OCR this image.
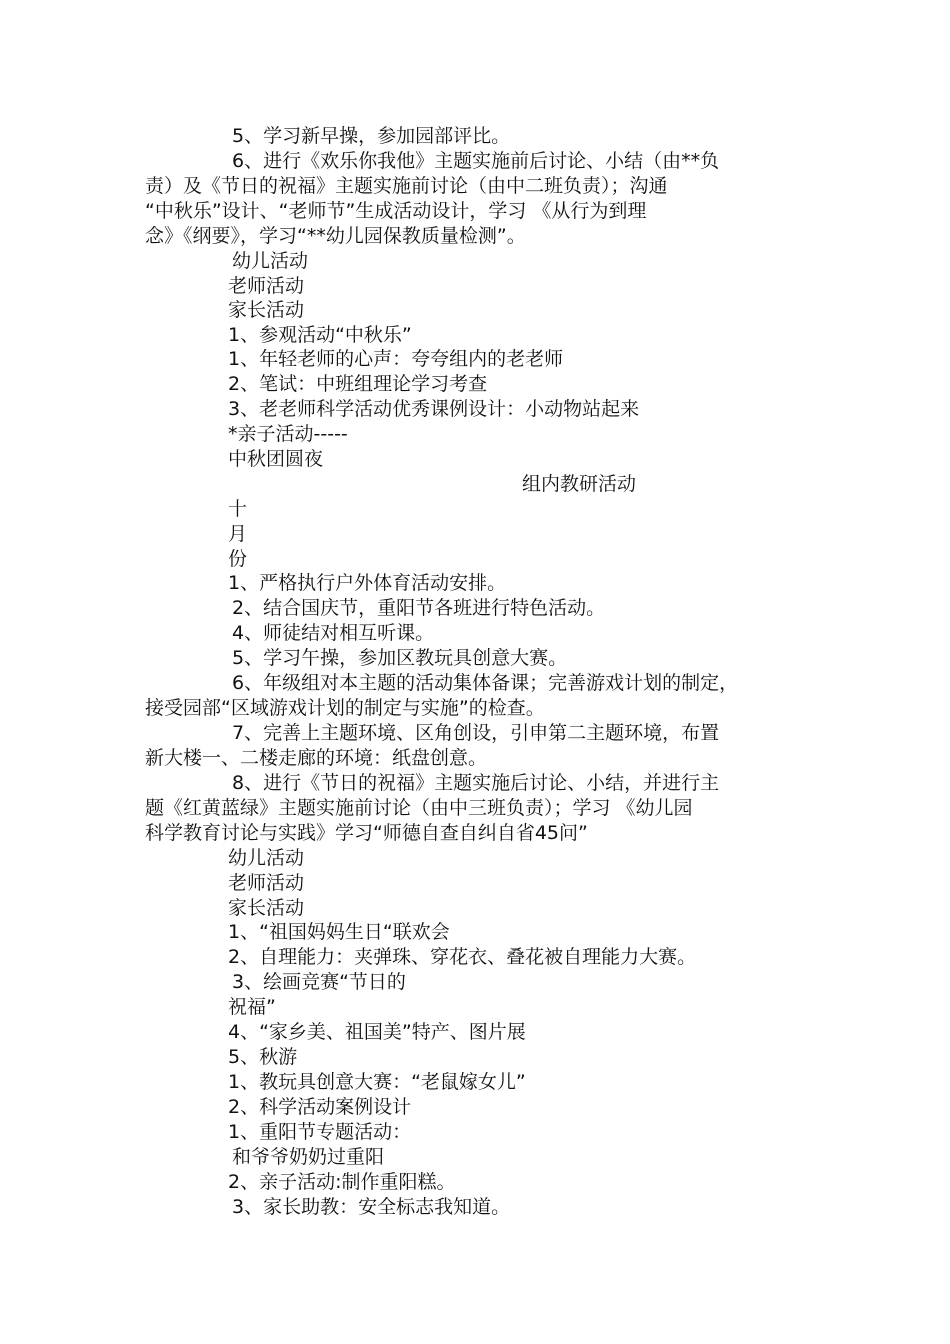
5、学习新早操，参加园部评比。

6、进行《欢乐你我他》主题实施前后讨论、小结（由**负

责）及《节日的祝福》主题实施前讨论（由中二班负责）；沟通

“中秋乐”设计、“老师节”生成活动设计，学习 《从行为到理

念》《纲要》，学习“**幼儿园保教质量检测”。

幼儿活动

老师活动

家长活动

1、参观活动“中秋乐”

1、年轻老师的心声：夸夸组内的老老师

2、笔试：中班组理论学习考查

3、老老师科学活动优秀课例设计：小动物站起来

*亲子活动-----

中秋团圆夜

组内教研活动

十

月

份

1、严格执行户外体育活动安排。

2、结合国庆节，重阳节各班进行特色活动。

4、师徒结对相互听课。

5、学习午操，参加区教玩具创意大赛。

6、年级组对本主题的活动集体备课；完善游戏计划的制定，

接受园部“区域游戏计划的制定与实施”的检查。

7、完善上主题环境、区角创设，引申第二主题环境，布置

新大楼一、二楼走廊的环境：纸盘创意。

8、进行《节日的祝福》主题实施后讨论、小结，并进行主

题《红黄蓝绿》主题实施前讨论（由中三班负责）；学习 《幼儿园

科学教育讨论与实践》学习“师德自查自纠自省45问”

幼儿活动

老师活动

家长活动

1、“祖国妈妈生日“联欢会

2、自理能力：夹弹珠、穿花衣、叠花被自理能力大赛。

3、绘画竞赛“节日的

祝福”

4、“家乡美、祖国美”特产、图片展

5、秋游

1、教玩具创意大赛：“老鼠嫁女儿”

2、科学活动案例设计

1、重阳节专题活动：

和爷爷奶奶过重阳

2、亲子活动:制作重阳糕。

3、家长助教：安全标志我知道。
